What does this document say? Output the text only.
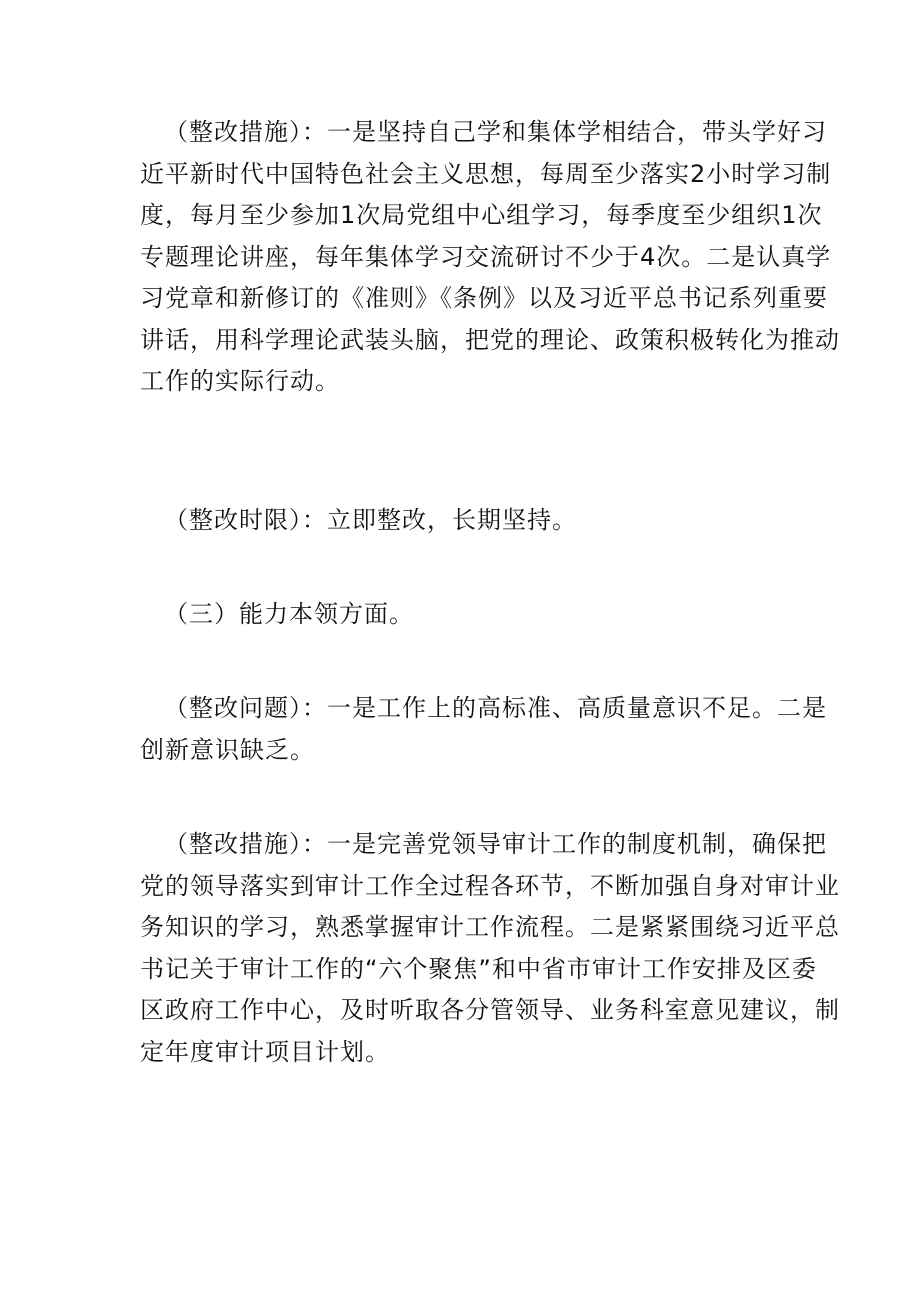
（整改措施）：一是坚持自己学和集体学相结合，带头学好习
近平新时代中国特色社会主义思想，每周至少落实2小时学习制
度，每月至少参加1次局党组中心组学习，每季度至少组织1次
专题理论讲座，每年集体学习交流研讨不少于4次。二是认真学
习党章和新修订的《准则》《条例》以及习近平总书记系列重要
讲话，用科学理论武装头脑，把党的理论、政策积极转化为推动
工作的实际行动。
（整改时限）：立即整改，长期坚持。
（三）能力本领方面。
（整改问题）：一是工作上的高标准、高质量意识不足。二是
创新意识缺乏。
（整改措施）：一是完善党领导审计工作的制度机制，确保把
党的领导落实到审计工作全过程各环节，不断加强自身对审计业
务知识的学习，熟悉掌握审计工作流程。二是紧紧围绕习近平总
书记关于审计工作的“六个聚焦”和中省市审计工作安排及区委
区政府工作中心，及时听取各分管领导、业务科室意见建议，制
定年度审计项目计划。
